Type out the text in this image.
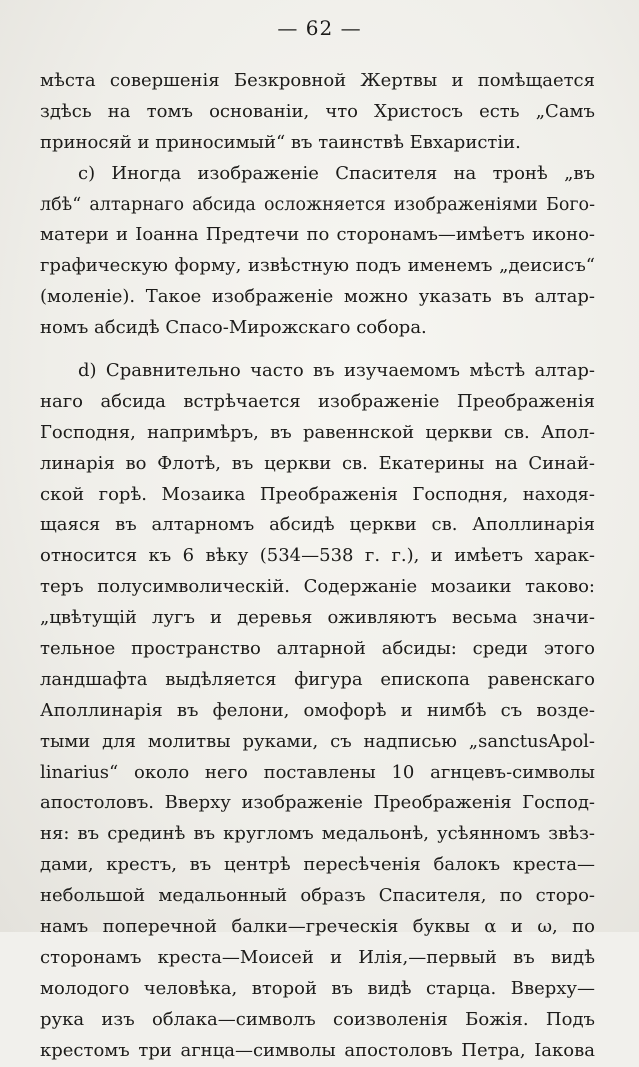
— 62 —
мѣста совершенія Безкровной Жертвы и помѣщается
здѣсь на томъ основаніи, что Христосъ есть „Самъ
приносяй и приносимый“ въ таинствѣ Евхаристіи.
c) Иногда изображеніе Спасителя на тронѣ „въ
лбѣ“ алтарнаго абсида осложняется изображеніями Бого-
матери и Іоанна Предтечи по сторонамъ—имѣетъ иконо-
графическую форму, извѣстную подъ именемъ „деисисъ“
(моленіе). Такое изображеніе можно указать въ алтар-
номъ абсидѣ Спасо-Мирожскаго собора.
d) Сравнительно часто въ изучаемомъ мѣстѣ алтар-
наго абсида встрѣчается изображеніе Преображенія
Господня, напримѣръ, въ равеннской церкви св. Апол-
линарія во Флотѣ, въ церкви св. Екатерины на Синай-
ской горѣ. Мозаика Преображенія Господня, находя-
щаяся въ алтарномъ абсидѣ церкви св. Аполлинарія
относится къ 6 вѣку (534—538 г. г.), и имѣетъ харак-
теръ полусимволическій. Содержаніе мозаики таково:
„цвѣтущій лугъ и деревья оживляютъ весьма значи-
тельное пространство алтарной абсиды: среди этого
ландшафта выдѣляется фигура епископа равенскаго
Аполлинарія въ фелони, омофорѣ и нимбѣ съ возде-
тыми для молитвы руками, съ надписью „sanctusApol-
linarius“ около него поставлены 10 агнцевъ-символы
апостоловъ. Вверху изображеніе Преображенія Господ-
ня: въ срединѣ въ кругломъ медальонѣ, усѣянномъ звѣз-
дами, крестъ, въ центрѣ пересѣченія балокъ креста—
небольшой медальонный образъ Спасителя, по сторо-
намъ поперечной балки—греческія буквы α и ω, по
сторонамъ креста—Моисей и Илія,—первый въ видѣ
молодого человѣка, второй въ видѣ старца. Вверху—
рука изъ облака—символъ соизволенія Божія. Подъ
крестомъ три агнца—символы апостоловъ Петра, Іакова
